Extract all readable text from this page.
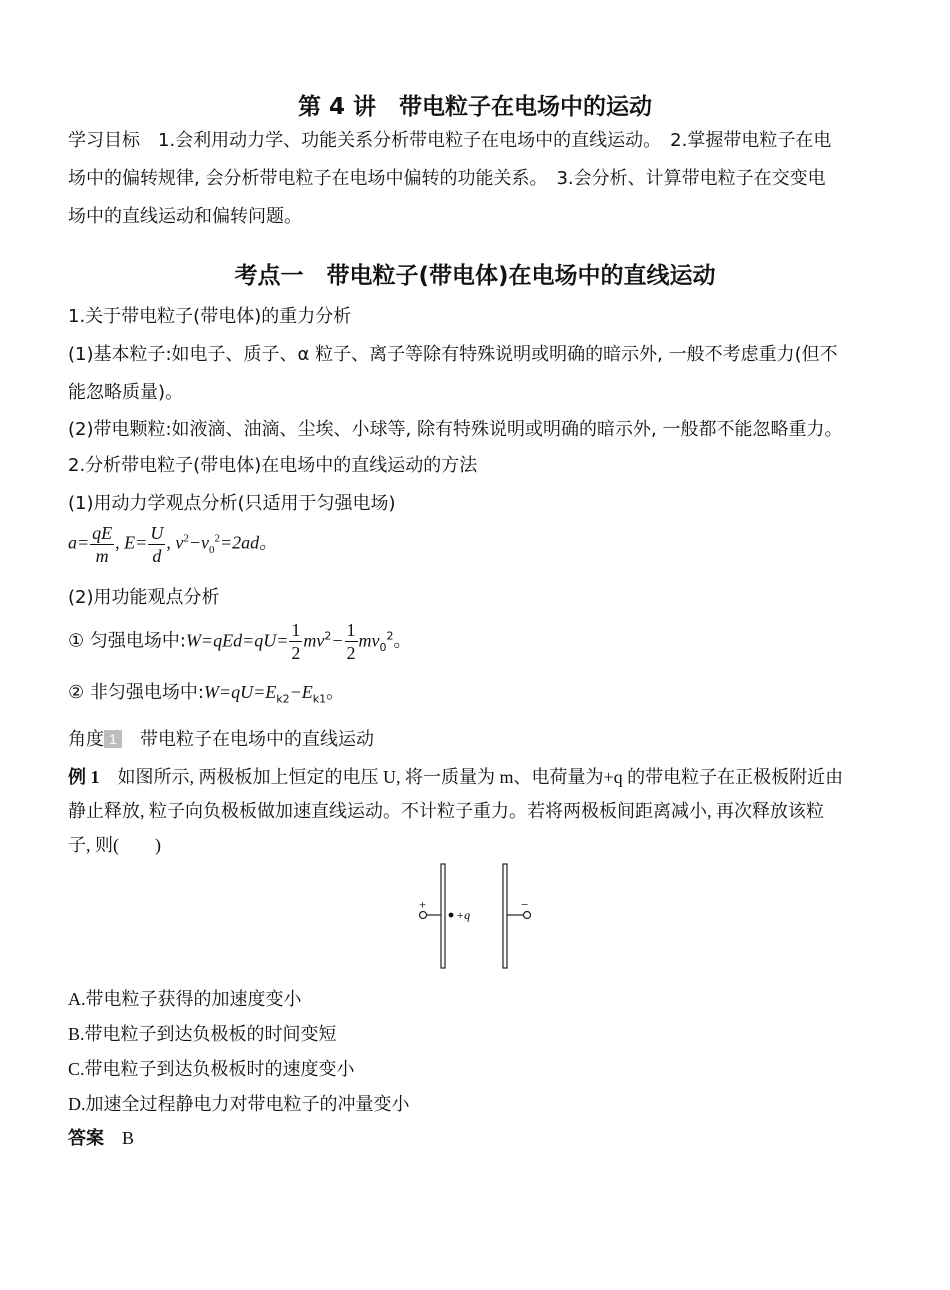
第 4 讲　带电粒子在电场中的运动
学习目标　1.会利用动力学、功能关系分析带电粒子在电场中的直线运动。　2.掌握带电粒子在电
场中的偏转规律, 会分析带电粒子在电场中偏转的功能关系。　3.会分析、计算带电粒子在交变电
场中的直线运动和偏转问题。
考点一　带电粒子(带电体)在电场中的直线运动
1.关于带电粒子(带电体)的重力分析
(1)基本粒子:如电子、质子、α 粒子、离子等除有特殊说明或明确的暗示外, 一般不考虑重力(但不
能忽略质量)。
(2)带电颗粒:如液滴、油滴、尘埃、小球等, 除有特殊说明或明确的暗示外, 一般都不能忽略重力。
2.分析带电粒子(带电体)在电场中的直线运动的方法
(1)用动力学观点分析(只适用于匀强电场)
$a= \frac{qE}{m}$ , $E= \frac{U}{d}$ , $v^2-v_0^2=2ad$。
(2)用功能观点分析
① 匀强电场中:W=qEd=qU= $\frac{1}{2} mv^2- \frac{1}{2} mv_0^2$。
② 非匀强电场中$:W=qU=E_{k2}-E_{k1}$。
角度 1　 带电粒子在电场中的直线运动
例 1　 如图所示, 两极板加上恒定的电压 U, 将一质量为 m、电荷量为+q 的带电粒子在正极板附近由
静止释放, 粒子向负极板做加速直线运动。不计粒子重力。若将两极板间距离减小, 再次释放该粒
子, 则(　　)
+	−
+q
A.带电粒子获得的加速度变小
B.带电粒子到达负极板的时间变短
C.带电粒子到达负极板时的速度变小
D.加速全过程静电力对带电粒子的冲量变小
答案　 B
